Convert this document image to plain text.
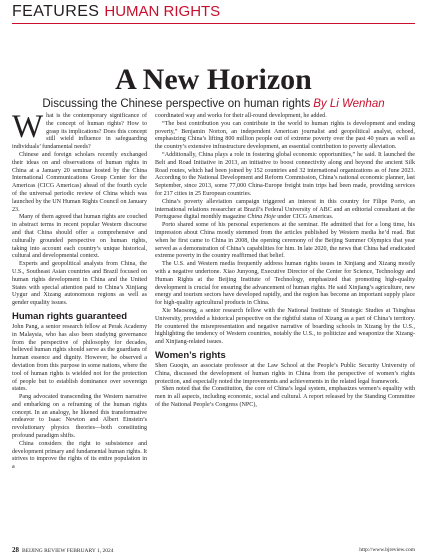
FEATURES HUMAN RIGHTS
A New Horizon
Discussing the Chinese perspective on human rights By Li Wenhan

What is the contemporary significance of the concept of human rights? How to grasp its implications? Does this concept still wield influence in safeguarding individuals’ fundamental needs?

Chinese and foreign scholars recently exchanged their ideas on and observations of human rights in China at a January 20 seminar hosted by the China International Communications Group Center for the Americas (CICG Americas) ahead of the fourth cycle of the universal periodic review of China which was launched by the UN Human Rights Council on January 23.

Many of them agreed that human rights are couched in abstract terms in recent popular Western discourse and that China should offer a comprehensive and culturally grounded perspective on human rights, taking into account each country’s unique historical, cultural and developmental context.

Experts and geopolitical analysts from China, the U.S., Southeast Asian countries and Brazil focused on human rights development in China and the United States with special attention paid to China’s Xinjiang Uygur and Xizang autonomous regions as well as gender equality issues.

Human rights guaranteed

John Pang, a senior research fellow at Perak Academy in Malaysia, who has also been studying governance from the perspective of philosophy for decades, believed human rights should serve as the guardians of human essence and dignity. However, he observed a deviation from this purpose in some nations, where the tool of human rights is wielded not for the protection of people but to establish dominance over sovereign states.

Pang advocated transcending the Western narrative and embarking on a reframing of the human rights concept. In an analogy, he likened this transformative endeavor to Isaac Newton and Albert Einstein’s revolutionary physics theories—both constituting profound paradigm shifts.

China considers the right to subsistence and development primary and fundamental human rights. It strives to improve the rights of its entire population in a

coordinated way and works for their all-round development, he added.

“The best contribution you can contribute in the world to human rights is development and ending poverty,” Benjamin Norton, an independent American journalist and geopolitical analyst, echoed, emphasizing China’s lifting 800 million people out of extreme poverty over the past 40 years as well as the country’s extensive infrastructure development, an essential contribution to poverty alleviation.

“Additionally, China plays a role in fostering global economic opportunities,” he said. It launched the Belt and Road Initiative in 2013, an initiative to boost connectivity along and beyond the ancient Silk Road routes, which had been joined by 152 countries and 32 international organizations as of June 2023. According to the National Development and Reform Commission, China’s national economic planner, last September, since 2013, some 77,000 China-Europe freight train trips had been made, providing services for 217 cities in 25 European countries.

China’s poverty alleviation campaign triggered an interest in this country for Filipe Porto, an international relations researcher at Brazil’s Federal University of ABC and an editorial consultant at the Portuguese digital monthly magazine China Hoje under CICG Americas.

Porto shared some of his personal experiences at the seminar. He admitted that for a long time, his impression about China mostly stemmed from the articles published by Western media he’d read. But when he first came to China in 2008, the opening ceremony of the Beijing Summer Olympics that year served as a demonstration of China’s capabilities for him. In late 2020, the news that China had eradicated extreme poverty in the country reaffirmed that belief.

The U.S. and Western media frequently address human rights issues in Xinjiang and Xizang mostly with a negative undertone. Xiao Junyong, Executive Director of the Center for Science, Technology and Human Rights at the Beijing Institute of Technology, emphasized that promoting high-quality development is crucial for ensuring the advancement of human rights. He said Xinjiang’s agriculture, new energy and tourism sectors have developed rapidly, and the region has become an important supply place for high-quality agricultural products in China.

Xie Maosong, a senior research fellow with the National Institute of Strategic Studies at Tsinghua University, provided a historical perspective on the rightful status of Xizang as a part of China’s territory. He countered the misrepresentation and negative narrative of boarding schools in Xizang by the U.S., highlighting the tendency of Western countries, notably the U.S., to politicize and weaponize the Xizang- and Xinjiang-related issues.

Women’s rights

Shen Guoqin, an associate professor at the Law School at the People’s Public Security University of China, discussed the development of human rights in China from the perspective of women’s rights protection, and especially noted the improvements and achievements in the related legal framework.

Shen noted that the Constitution, the core of China’s legal system, emphasizes women’s equality with men in all aspects, including economic, social and cultural. A report released by the Standing Committee of the National People’s Congress (NPC),

28 BEIJING REVIEW FEBRUARY 1, 2024	http://www.bjreview.com
